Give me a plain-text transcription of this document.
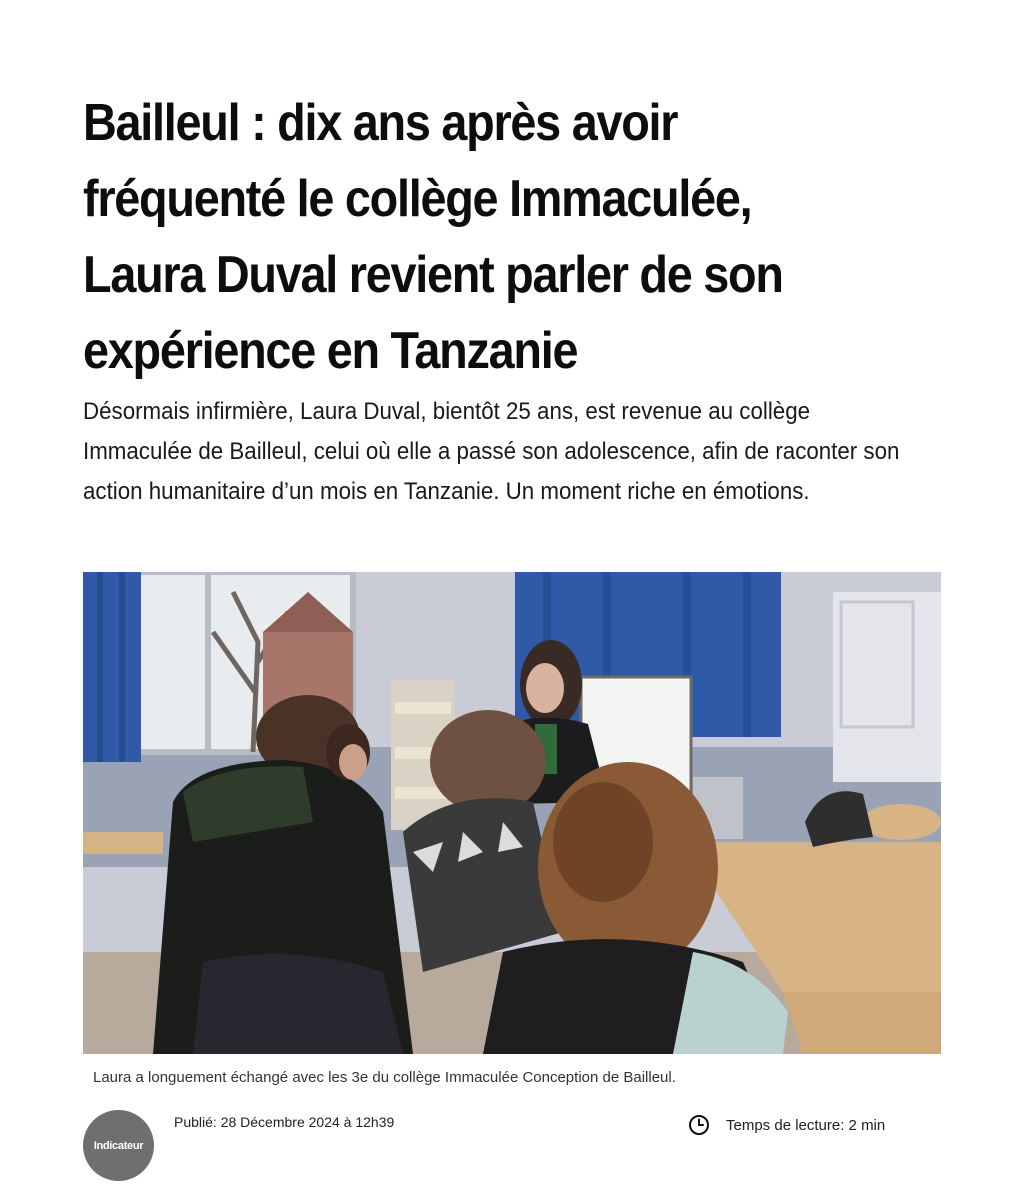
Bailleul : dix ans après avoir fréquenté le collège Immaculée, Laura Duval revient parler de son expérience en Tanzanie

Désormais infirmière, Laura Duval, bientôt 25 ans, est revenue au collège Immaculée de Bailleul, celui où elle a passé son adolescence, afin de raconter son action humanitaire d’un mois en Tanzanie. Un moment riche en émotions.

Laura a longuement échangé avec les 3e du collège Immaculée Conception de Bailleul.

Indicateur
Publié: 28 Décembre 2024 à 12h39	Temps de lecture: 2 min
